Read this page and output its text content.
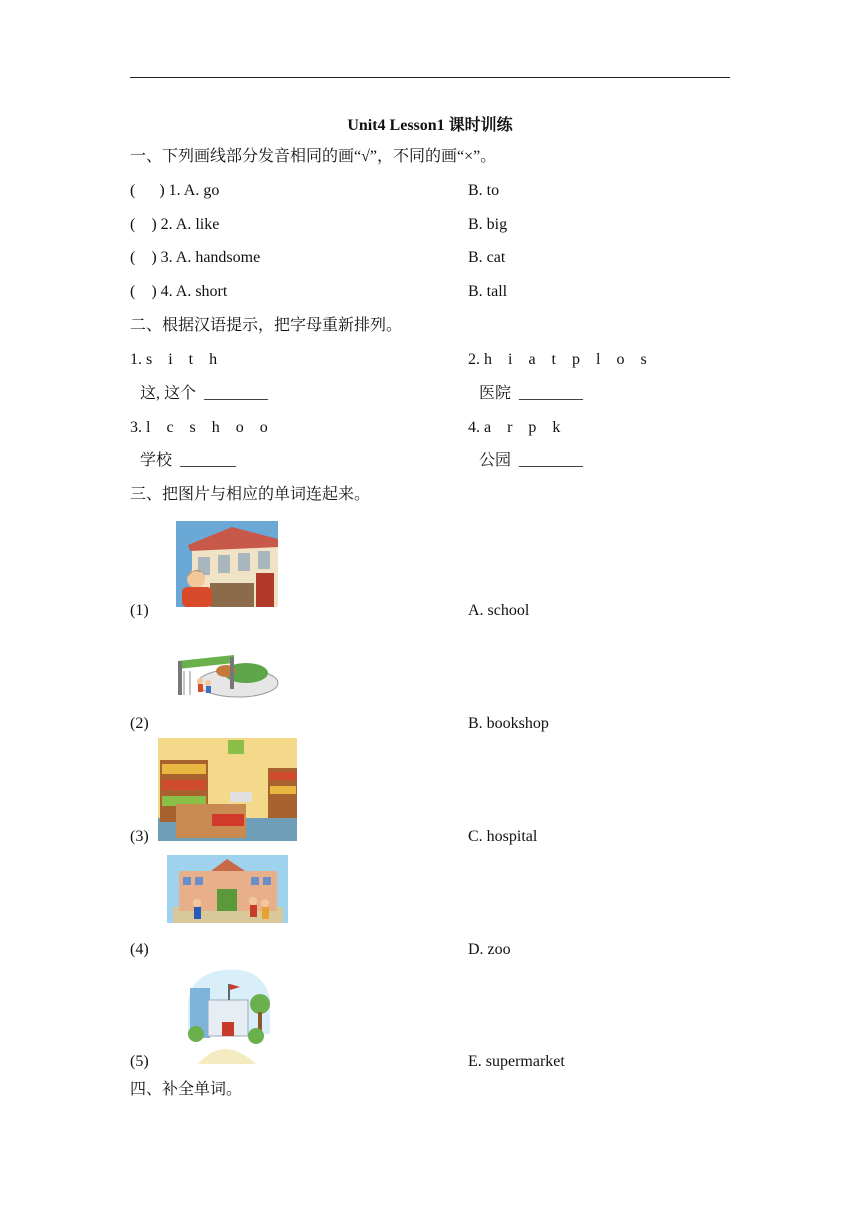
Unit4 Lesson1 课时训练
一、下列画线部分发音相同的画“√”，不同的画“×”。
(      ) 1. A. go	B. to
(    ) 2. A. like	B. big
(    ) 3. A. handsome	B. cat
(    ) 4. A. short	B. tall
二、根据汉语提示，把字母重新排列。
1. s    i    t    h	2. h    i    a    t    p    l    o    s
这, 这个  ________	医院  ________
3. l    c    s    h    o    o	4. a    r    p    k
学校  _______	公园  ________
三、把图片与相应的单词连起来。
(1)	A. school
(2)	B. bookshop
(3)	C. hospital
(4)	D. zoo
(5)	E. supermarket
四、补全单词。
